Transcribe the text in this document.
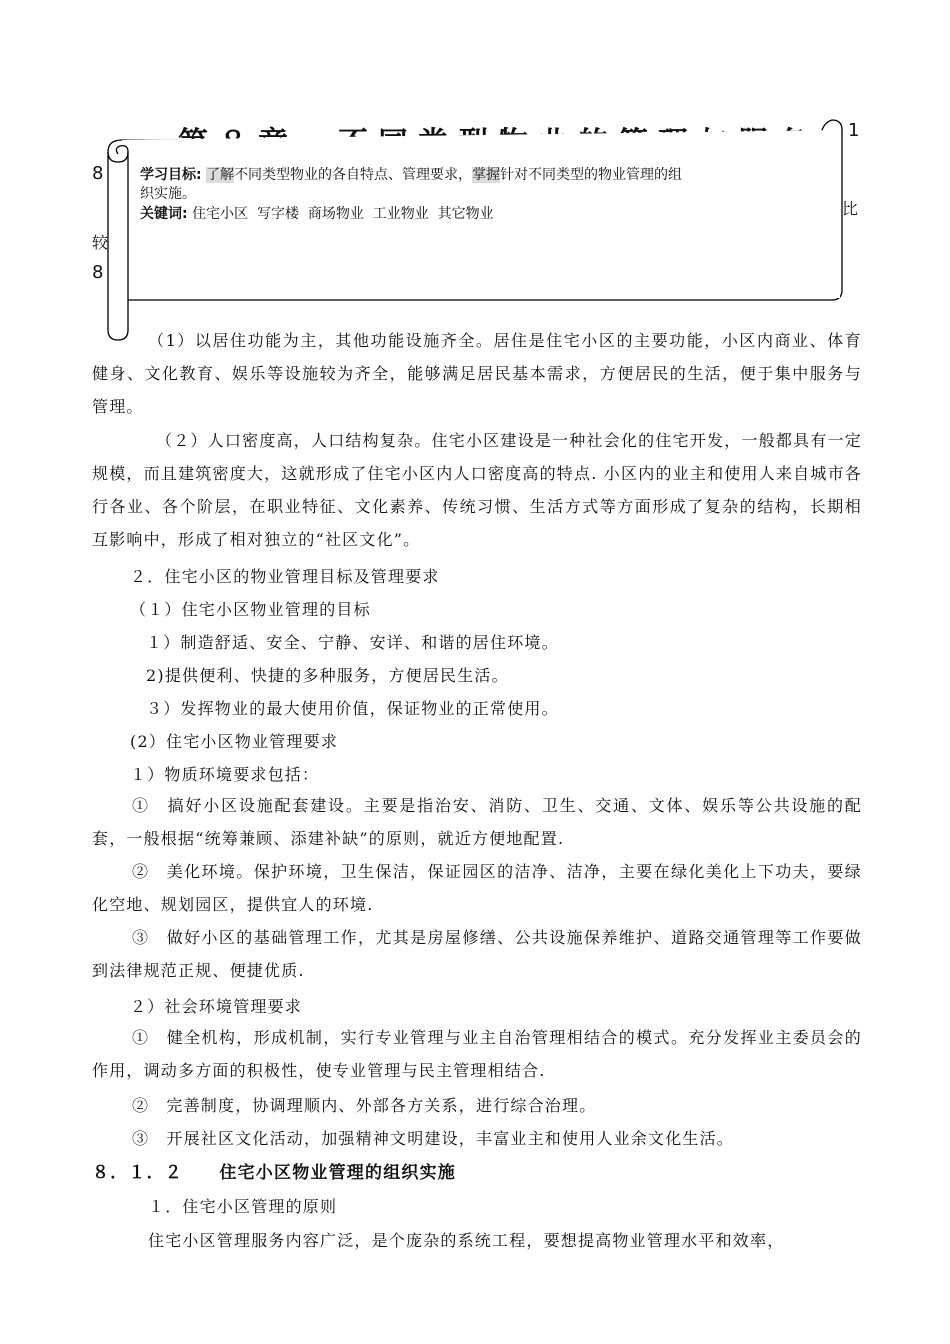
8
较
8
1
比
学习目标: 了解不同类型物业的各自特点、管理要求，掌握针对不同类型的物业管理的组
织实施。
关键词: 住宅小区  写字楼  商场物业  工业物业  其它物业
（1）以居住功能为主，其他功能设施齐全。居住是住宅小区的主要功能，小区内商业、体育健身、文化教育、娱乐等设施较为齐全，能够满足居民基本需求，方便居民的生活，便于集中服务与管理。
（２）人口密度高，人口结构复杂。住宅小区建设是一种社会化的住宅开发，一般都具有一定规模，而且建筑密度大，这就形成了住宅小区内人口密度高的特点. 小区内的业主和使用人来自城市各行各业、各个阶层，在职业特征、文化素养、传统习惯、生活方式等方面形成了复杂的结构，长期相互影响中，形成了相对独立的“社区文化”。
２．住宅小区的物业管理目标及管理要求
（１）住宅小区物业管理的目标
１）制造舒适、安全、宁静、安详、和谐的居住环境。
2)提供便利、快捷的多种服务，方便居民生活。
３）发挥物业的最大使用价值，保证物业的正常使用。
(2）住宅小区物业管理要求
１）物质环境要求包括：
①　搞好小区设施配套建设。主要是指治安、消防、卫生、交通、文体、娱乐等公共设施的配套，一般根据“统筹兼顾、添建补缺”的原则，就近方便地配置.
②　美化环境。保护环境，卫生保洁，保证园区的洁净、洁净，主要在绿化美化上下功夫，要绿化空地、规划园区，提供宜人的环境.
③　做好小区的基础管理工作，尤其是房屋修缮、公共设施保养维护、道路交通管理等工作要做到法律规范正规、便捷优质.
２）社会环境管理要求
①　健全机构，形成机制，实行专业管理与业主自治管理相结合的模式。充分发挥业主委员会的作用，调动多方面的积极性，使专业管理与民主管理相结合.
②　完善制度，协调理顺内、外部各方关系，进行综合治理。
③　开展社区文化活动，加强精神文明建设，丰富业主和使用人业余文化生活。
８．１．２　　住宅小区物业管理的组织实施
１．住宅小区管理的原则
住宅小区管理服务内容广泛，是个庞杂的系统工程，要想提高物业管理水平和效率，
